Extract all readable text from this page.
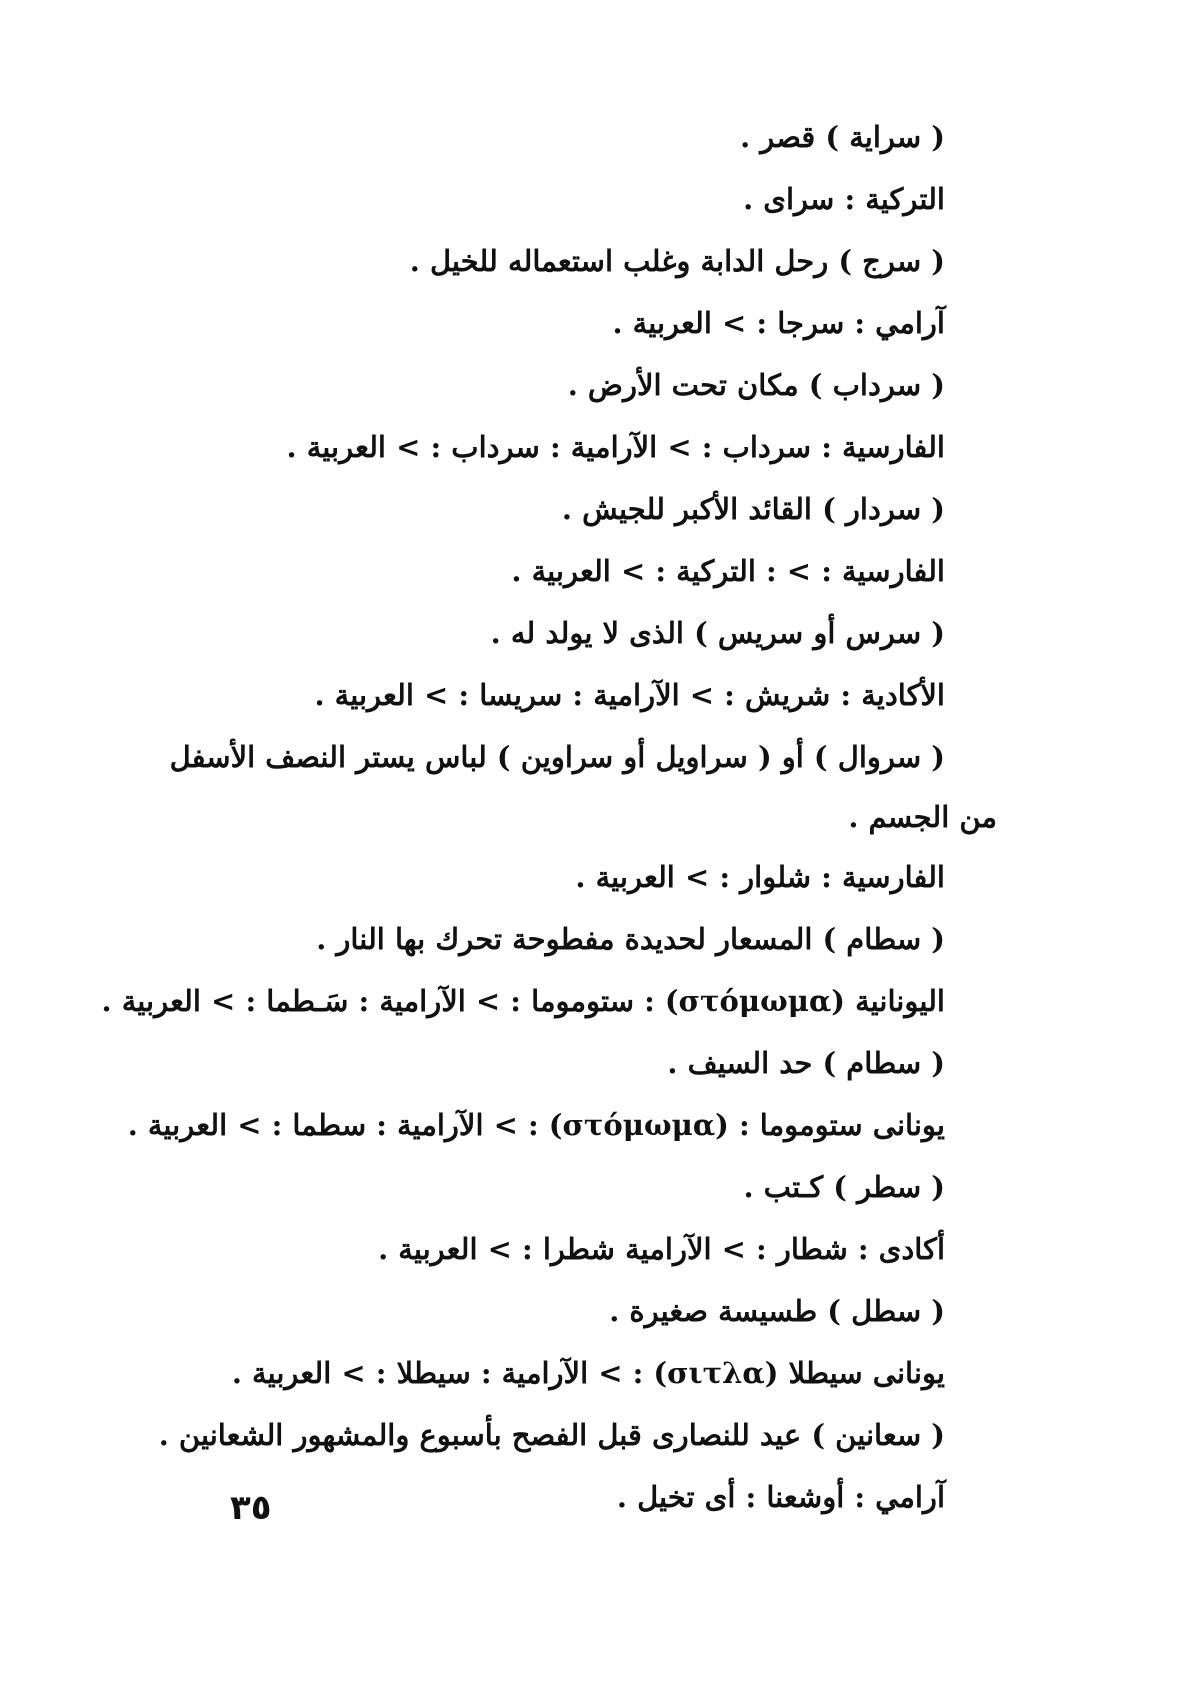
( سراية ) قصر .
التركية : سراى .
( سرج ) رحل الدابة وغلب استعماله للخيل .
آرامي : سرجا : > العربية .
( سرداب ) مكان تحت الأرض .
الفارسية : سرداب : > الآرامية : سرداب : > العربية .
( سردار ) القائد الأكبر للجيش .
الفارسية : > : التركية : > العربية .
( سرس أو سريس ) الذى لا يولد له .
الأكادية : شريش : > الآرامية : سريسا : > العربية .
( سروال ) أو ( سراويل أو سراوين ) لباس يستر النصف الأسفل
من الجسم .
الفارسية : شلوار : > العربية .
( سطام ) المسعار لحديدة مفطوحة تحرك بها النار .
اليونانية (στόμωμα) : ستوموما : > الآرامية : سَـطما : > العربية .
( سطام ) حد السيف .
يونانى ستوموما : (στόμωμα) : > الآرامية : سطما : > العربية .
( سطر ) كـتب .
أكادى : شطار : > الآرامية شطرا : > العربية .
( سطل ) طسيسة صغيرة .
يونانى سيطلا (σιτλα) : > الآرامية : سيطلا : > العربية .
( سعانين ) عيد للنصارى قبل الفصح بأسبوع والمشهور الشعانين .
آرامي : أوشعنا : أى تخيل .
٣٥
